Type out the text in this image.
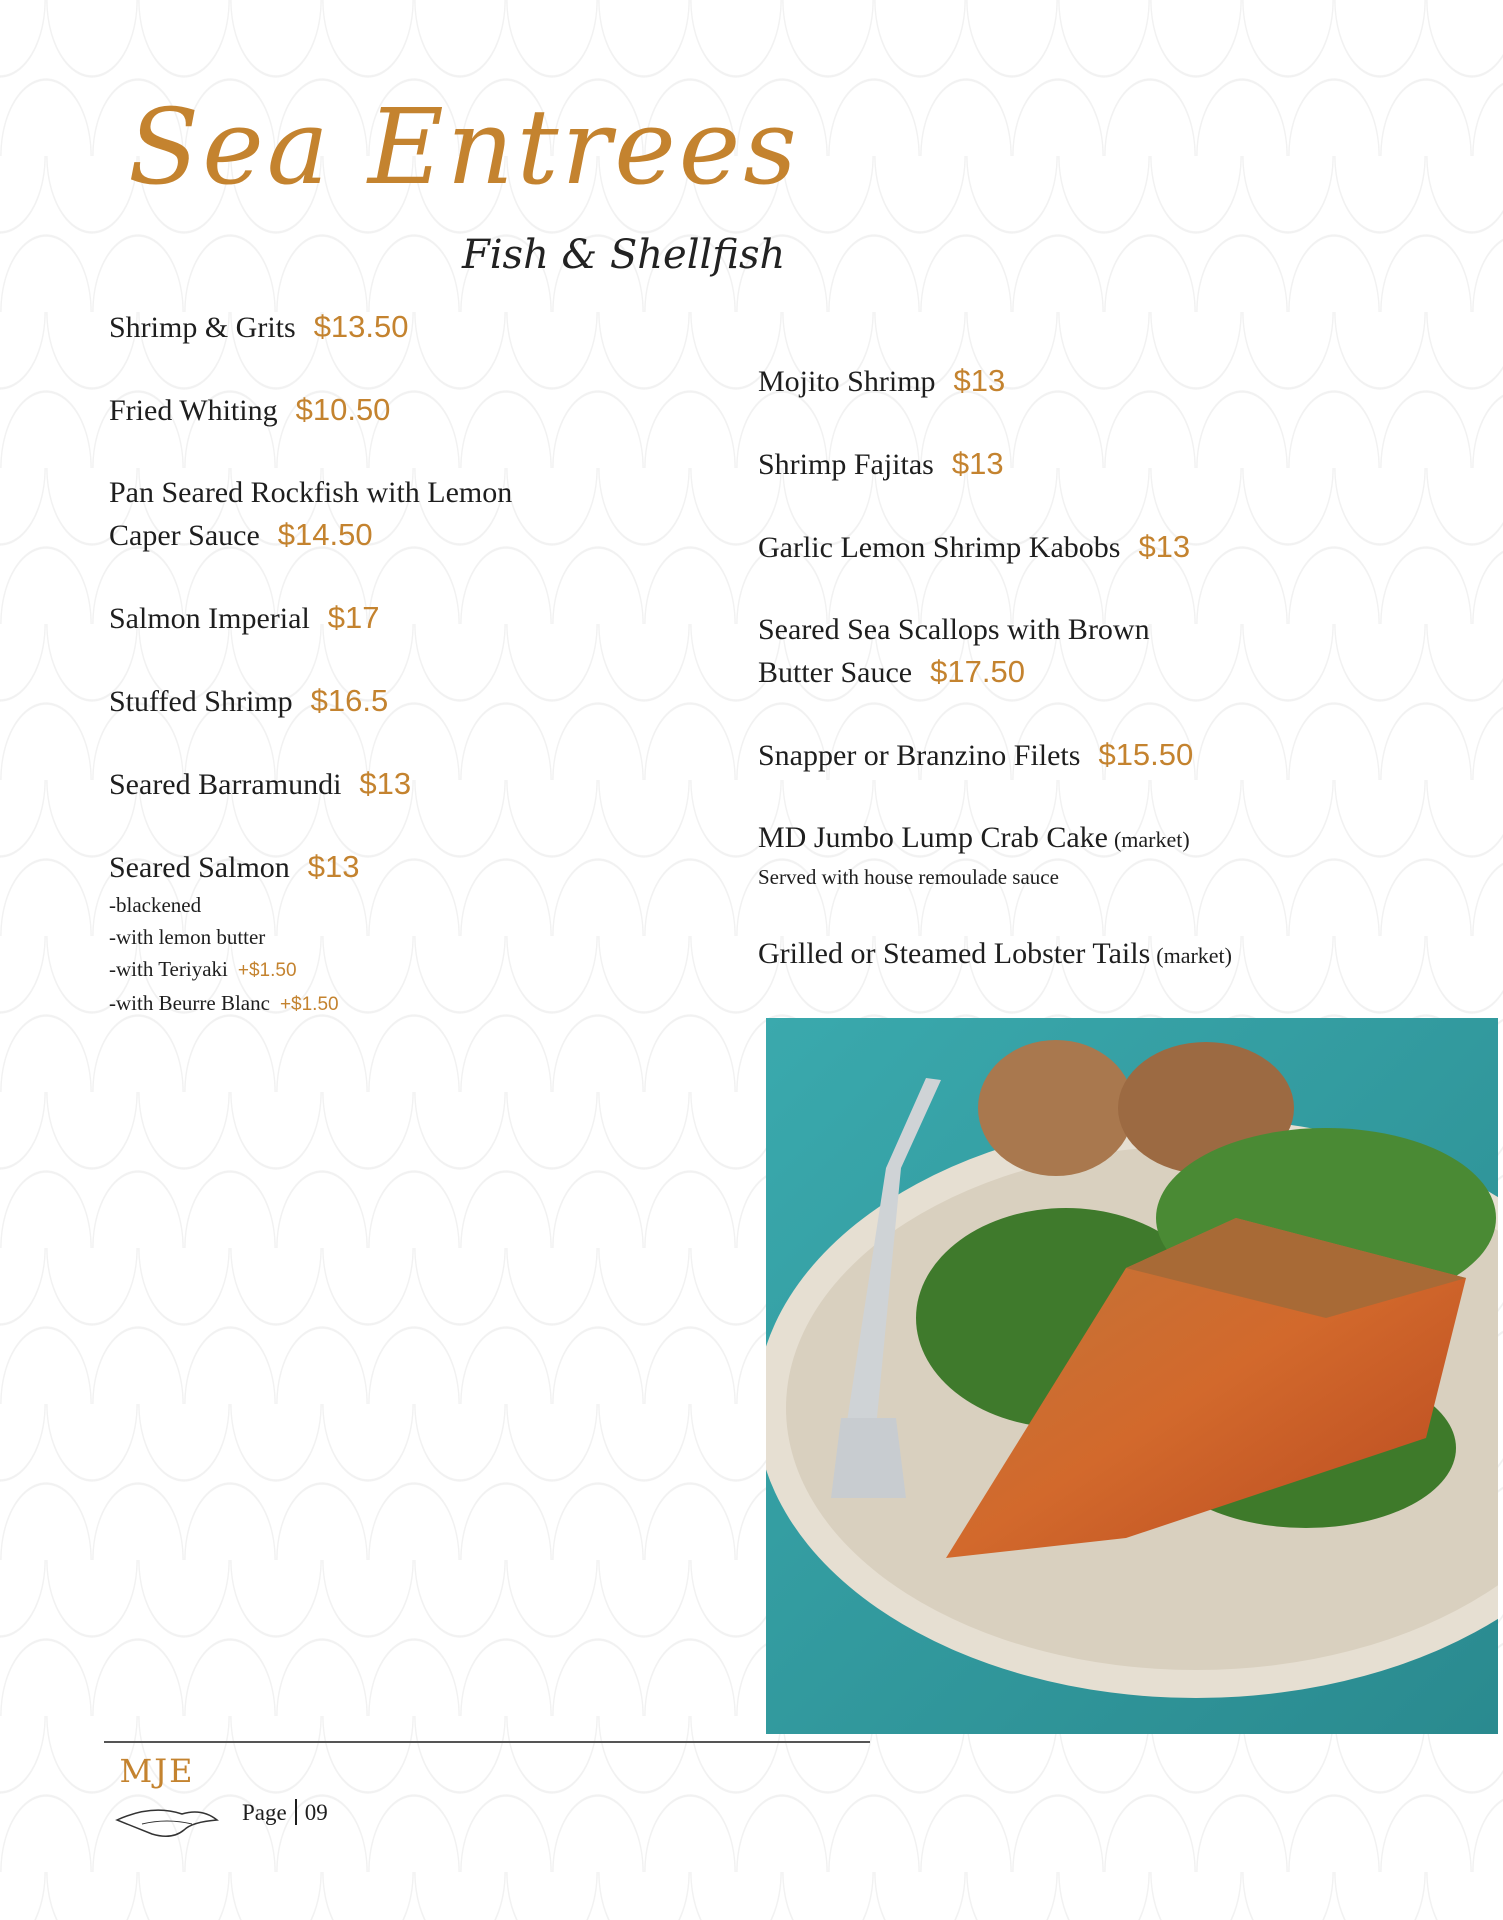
Sea Entrees
Fish & Shellfish
Shrimp & Grits $13.50
Fried Whiting $10.50
Pan Seared Rockfish with Lemon
Caper Sauce $14.50
Salmon Imperial $17
Stuffed Shrimp $16.5
Seared Barramundi $13
Seared Salmon $13
-blackened
-with lemon butter
-with Teriyaki +$1.50
-with Beurre Blanc +$1.50
Mojito Shrimp $13
Shrimp Fajitas $13
Garlic Lemon Shrimp Kabobs $13
Seared Sea Scallops with Brown
Butter Sauce $17.50
Snapper or Branzino Filets $15.50
MD Jumbo Lump Crab Cake (market)
Served with house remoulade sauce
Grilled or Steamed Lobster Tails (market)
MJE
Page 09
